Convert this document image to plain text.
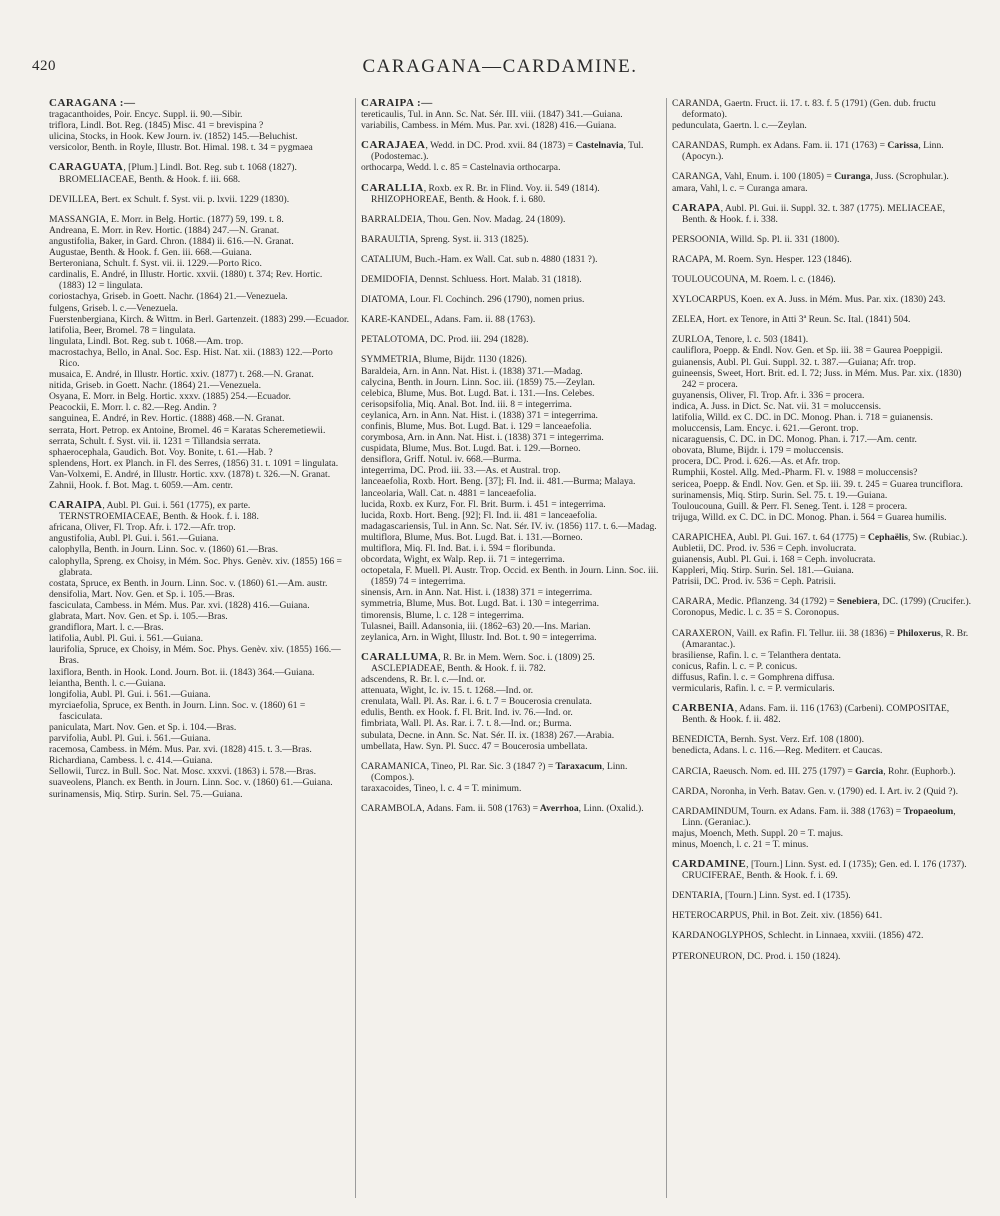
420	CARAGANA—CARDAMINE.
CARAGANA :—
tragacanthoides, Poir. Encyc. Suppl. ii. 90.—Sibir.
triflora, Lindl. Bot. Reg. (1845) Misc. 41 = brevispina ?
ulicina, Stocks, in Hook. Kew Journ. iv. (1852) 145.—Beluchist.
versicolor, Benth. in Royle, Illustr. Bot. Himal. 198. t. 34 = pygmaea
CARAGUATA, [Plum.] Lindl. Bot. Reg. sub t. 1068 (1827). BROMELIACEAE, Benth. & Hook. f. iii. 668.
DEVILLEA, Bert. ex Schult. f. Syst. vii. p. lxvii. 1229 (1830).
MASSANGIA, E. Morr. in Belg. Hortic. (1877) 59, 199. t. 8.
Andreana, E. Morr. in Rev. Hortic. (1884) 247.—N. Granat.
angustifolia, Baker, in Gard. Chron. (1884) ii. 616.—N. Granat.
Augustae, Benth. & Hook. f. Gen. iii. 668.—Guiana.
Berteroniana, Schult. f. Syst. vii. ii. 1229.—Porto Rico.
cardinalis, E. André, in Illustr. Hortic. xxvii. (1880) t. 374; Rev. Hortic. (1883) 12 = lingulata.
coriostachya, Griseb. in Goett. Nachr. (1864) 21.—Venezuela.
fulgens, Griseb. l. c.—Venezuela.
Fuerstenbergiana, Kirch. & Wittm. in Berl. Gartenzeit. (1883) 299.—Ecuador.
latifolia, Beer, Bromel. 78 = lingulata.
lingulata, Lindl. Bot. Reg. sub t. 1068.—Am. trop.
macrostachya, Bello, in Anal. Soc. Esp. Hist. Nat. xii. (1883) 122.—Porto Rico.
musaica, E. André, in Illustr. Hortic. xxiv. (1877) t. 268.—N. Granat.
nitida, Griseb. in Goett. Nachr. (1864) 21.—Venezuela.
Osyana, E. Morr. in Belg. Hortic. xxxv. (1885) 254.—Ecuador.
Peacockii, E. Morr. l. c. 82.—Reg. Andin. ?
sanguinea, E. André, in Rev. Hortic. (1888) 468.—N. Granat.
serrata, Hort. Petrop. ex Antoine, Bromel. 46 = Karatas Scheremetiewii.
serrata, Schult. f. Syst. vii. ii. 1231 = Tillandsia serrata.
sphaerocephala, Gaudich. Bot. Voy. Bonite, t. 61.—Hab. ?
splendens, Hort. ex Planch. in Fl. des Serres, (1856) 31. t. 1091 = lingulata.
Van-Volxemi, E. André, in Illustr. Hortic. xxv. (1878) t. 326.—N. Granat.
Zahnii, Hook. f. Bot. Mag. t. 6059.—Am. centr.
CARAIPA, Aubl. Pl. Gui. i. 561 (1775), ex parte. TERNSTROEMIACEAE, Benth. & Hook. f. i. 188.
africana, Oliver, Fl. Trop. Afr. i. 172.—Afr. trop.
angustifolia, Aubl. Pl. Gui. i. 561.—Guiana.
calophylla, Benth. in Journ. Linn. Soc. v. (1860) 61.—Bras.
calophylla, Spreng. ex Choisy, in Mém. Soc. Phys. Genèv. xiv. (1855) 166 = glabrata.
costata, Spruce, ex Benth. in Journ. Linn. Soc. v. (1860) 61.—Am. austr.
densifolia, Mart. Nov. Gen. et Sp. i. 105.—Bras.
fasciculata, Cambess. in Mém. Mus. Par. xvi. (1828) 416.—Guiana.
glabrata, Mart. Nov. Gen. et Sp. i. 105.—Bras.
grandiflora, Mart. l. c.—Bras.
latifolia, Aubl. Pl. Gui. i. 561.—Guiana.
laurifolia, Spruce, ex Choisy, in Mém. Soc. Phys. Genèv. xiv. (1855) 166.—Bras.
laxiflora, Benth. in Hook. Lond. Journ. Bot. ii. (1843) 364.—Guiana.
leiantha, Benth. l. c.—Guiana.
longifolia, Aubl. Pl. Gui. i. 561.—Guiana.
myrciaefolia, Spruce, ex Benth. in Journ. Linn. Soc. v. (1860) 61 = fasciculata.
paniculata, Mart. Nov. Gen. et Sp. i. 104.—Bras.
parvifolia, Aubl. Pl. Gui. i. 561.—Guiana.
racemosa, Cambess. in Mém. Mus. Par. xvi. (1828) 415. t. 3.—Bras.
Richardiana, Cambess. l. c. 414.—Guiana.
Sellowii, Turcz. in Bull. Soc. Nat. Mosc. xxxvi. (1863) i. 578.—Bras.
suaveolens, Planch. ex Benth. in Journ. Linn. Soc. v. (1860) 61.—Guiana.
surinamensis, Miq. Stirp. Surin. Sel. 75.—Guiana.
CARAIPA :—
tereticaulis, Tul. in Ann. Sc. Nat. Sér. III. viii. (1847) 341.—Guiana.
variabilis, Cambess. in Mém. Mus. Par. xvi. (1828) 416.—Guiana.
CARAJAEA, Wedd. in DC. Prod. xvii. 84 (1873) = Castelnavia, Tul. (Podostemac.).
orthocarpa, Wedd. l. c. 85 = Castelnavia orthocarpa.
CARALLIA, Roxb. ex R. Br. in Flind. Voy. ii. 549 (1814). RHIZOPHOREAE, Benth. & Hook. f. i. 680.
BARRALDEIA, Thou. Gen. Nov. Madag. 24 (1809).
BARAULTIA, Spreng. Syst. ii. 313 (1825).
CATALIUM, Buch.-Ham. ex Wall. Cat. sub n. 4880 (1831 ?).
DEMIDOFIA, Dennst. Schluess. Hort. Malab. 31 (1818).
DIATOMA, Lour. Fl. Cochinch. 296 (1790), nomen prius.
KARE-KANDEL, Adans. Fam. ii. 88 (1763).
PETALOTOMA, DC. Prod. iii. 294 (1828).
SYMMETRIA, Blume, Bijdr. 1130 (1826).
Baraldeia, Arn. in Ann. Nat. Hist. i. (1838) 371.—Madag.
calycina, Benth. in Journ. Linn. Soc. iii. (1859) 75.—Zeylan.
celebica, Blume, Mus. Bot. Lugd. Bat. i. 131.—Ins. Celebes.
cerisopsifolia, Miq. Anal. Bot. Ind. iii. 8 = integerrima.
ceylanica, Arn. in Ann. Nat. Hist. i. (1838) 371 = integerrima.
confinis, Blume, Mus. Bot. Lugd. Bat. i. 129 = lanceaefolia.
corymbosa, Arn. in Ann. Nat. Hist. i. (1838) 371 = integerrima.
cuspidata, Blume, Mus. Bot. Lugd. Bat. i. 129.—Borneo.
densiflora, Griff. Notul. iv. 668.—Burma.
integerrima, DC. Prod. iii. 33.—As. et Austral. trop.
lanceaefolia, Roxb. Hort. Beng. [37]; Fl. Ind. ii. 481.—Burma; Malaya.
lanceolaria, Wall. Cat. n. 4881 = lanceaefolia.
lucida, Roxb. ex Kurz, For. Fl. Brit. Burm. i. 451 = integerrima.
lucida, Roxb. Hort. Beng. [92]; Fl. Ind. ii. 481 = lanceaefolia.
madagascariensis, Tul. in Ann. Sc. Nat. Sér. IV. iv. (1856) 117. t. 6.—Madag.
multiflora, Blume, Mus. Bot. Lugd. Bat. i. 131.—Borneo.
multiflora, Miq. Fl. Ind. Bat. i. i. 594 = floribunda.
obcordata, Wight, ex Walp. Rep. ii. 71 = integerrima.
octopetala, F. Muell. Pl. Austr. Trop. Occid. ex Benth. in Journ. Linn. Soc. iii. (1859) 74 = integerrima.
sinensis, Arn. in Ann. Nat. Hist. i. (1838) 371 = integerrima.
symmetria, Blume, Mus. Bot. Lugd. Bat. i. 130 = integerrima.
timorensis, Blume, l. c. 128 = integerrima.
Tulasnei, Baill. Adansonia, iii. (1862–63) 20.—Ins. Marian.
zeylanica, Arn. in Wight, Illustr. Ind. Bot. t. 90 = integerrima.
CARALLUMA, R. Br. in Mem. Wern. Soc. i. (1809) 25. ASCLEPIADEAE, Benth. & Hook. f. ii. 782.
adscendens, R. Br. l. c.—Ind. or.
attenuata, Wight, Ic. iv. 15. t. 1268.—Ind. or.
crenulata, Wall. Pl. As. Rar. i. 6. t. 7 = Boucerosia crenulata.
edulis, Benth. ex Hook. f. Fl. Brit. Ind. iv. 76.—Ind. or.
fimbriata, Wall. Pl. As. Rar. i. 7. t. 8.—Ind. or.; Burma.
subulata, Decne. in Ann. Sc. Nat. Sér. II. ix. (1838) 267.—Arabia.
umbellata, Haw. Syn. Pl. Succ. 47 = Boucerosia umbellata.
CARAMANICA, Tineo, Pl. Rar. Sic. 3 (1847 ?) = Taraxacum, Linn. (Compos.).
taraxacoides, Tineo, l. c. 4 = T. minimum.
CARAMBOLA, Adans. Fam. ii. 508 (1763) = Averrhoa, Linn. (Oxalid.).
CARANDA, Gaertn. Fruct. ii. 17. t. 83. f. 5 (1791) (Gen. dub. fructu deformato).
pedunculata, Gaertn. l. c.—Zeylan.
CARANDAS, Rumph. ex Adans. Fam. ii. 171 (1763) = Carissa, Linn. (Apocyn.).
CARANGA, Vahl, Enum. i. 100 (1805) = Curanga, Juss. (Scrophular.).
amara, Vahl, l. c. = Curanga amara.
CARAPA, Aubl. Pl. Gui. ii. Suppl. 32. t. 387 (1775). MELIACEAE, Benth. & Hook. f. i. 338.
PERSOONIA, Willd. Sp. Pl. ii. 331 (1800).
RACAPA, M. Roem. Syn. Hesper. 123 (1846).
TOULOUCOUNA, M. Roem. l. c. (1846).
XYLOCARPUS, Koen. ex A. Juss. in Mém. Mus. Par. xix. (1830) 243.
ZELEA, Hort. ex Tenore, in Atti 3ª Reun. Sc. Ital. (1841) 504.
ZURLOA, Tenore, l. c. 503 (1841).
cauliflora, Poepp. & Endl. Nov. Gen. et Sp. iii. 38 = Gaurea Poeppigii.
guianensis, Aubl. Pl. Gui. Suppl. 32. t. 387.—Guiana; Afr. trop.
guineensis, Sweet, Hort. Brit. ed. I. 72; Juss. in Mém. Mus. Par. xix. (1830) 242 = procera.
guyanensis, Oliver, Fl. Trop. Afr. i. 336 = procera.
indica, A. Juss. in Dict. Sc. Nat. vii. 31 = moluccensis.
latifolia, Willd. ex C. DC. in DC. Monog. Phan. i. 718 = guianensis.
moluccensis, Lam. Encyc. i. 621.—Geront. trop.
nicaraguensis, C. DC. in DC. Monog. Phan. i. 717.—Am. centr.
obovata, Blume, Bijdr. i. 179 = moluccensis.
procera, DC. Prod. i. 626.—As. et Afr. trop.
Rumphii, Kostel. Allg. Med.-Pharm. Fl. v. 1988 = moluccensis?
sericea, Poepp. & Endl. Nov. Gen. et Sp. iii. 39. t. 245 = Guarea trunciflora.
surinamensis, Miq. Stirp. Surin. Sel. 75. t. 19.—Guiana.
Touloucouna, Guill. & Perr. Fl. Seneg. Tent. i. 128 = procera.
trijuga, Willd. ex C. DC. in DC. Monog. Phan. i. 564 = Guarea humilis.
CARAPICHEA, Aubl. Pl. Gui. 167. t. 64 (1775) = Cephaëlis, Sw. (Rubiac.).
Aubletii, DC. Prod. iv. 536 = Ceph. involucrata.
guianensis, Aubl. Pl. Gui. i. 168 = Ceph. involucrata.
Kappleri, Miq. Stirp. Surin. Sel. 181.—Guiana.
Patrisii, DC. Prod. iv. 536 = Ceph. Patrisii.
CARARA, Medic. Pflanzeng. 34 (1792) = Senebiera, DC. (1799) (Crucifer.).
Coronopus, Medic. l. c. 35 = S. Coronopus.
CARAXERON, Vaill. ex Rafin. Fl. Tellur. iii. 38 (1836) = Philoxerus, R. Br. (Amarantac.).
brasiliense, Rafin. l. c. = Telanthera dentata.
conicus, Rafin. l. c. = P. conicus.
diffusus, Rafin. l. c. = Gomphrena diffusa.
vermicularis, Rafin. l. c. = P. vermicularis.
CARBENIA, Adans. Fam. ii. 116 (1763) (Carbeni). COMPOSITAE, Benth. & Hook. f. ii. 482.
BENEDICTA, Bernh. Syst. Verz. Erf. 108 (1800).
benedicta, Adans. l. c. 116.—Reg. Mediterr. et Caucas.
CARCIA, Raeusch. Nom. ed. III. 275 (1797) = Garcia, Rohr. (Euphorb.).
CARDA, Noronha, in Verh. Batav. Gen. v. (1790) ed. I. Art. iv. 2 (Quid ?).
CARDAMINDUM, Tourn. ex Adans. Fam. ii. 388 (1763) = Tropaeolum, Linn. (Geraniac.).
majus, Moench, Meth. Suppl. 20 = T. majus.
minus, Moench, l. c. 21 = T. minus.
CARDAMINE, [Tourn.] Linn. Syst. ed. I (1735); Gen. ed. I. 176 (1737). CRUCIFERAE, Benth. & Hook. f. i. 69.
DENTARIA, [Tourn.] Linn. Syst. ed. I (1735).
HETEROCARPUS, Phil. in Bot. Zeit. xiv. (1856) 641.
KARDANOGLYPHOS, Schlecht. in Linnaea, xxviii. (1856) 472.
PTERONEURON, DC. Prod. i. 150 (1824).
